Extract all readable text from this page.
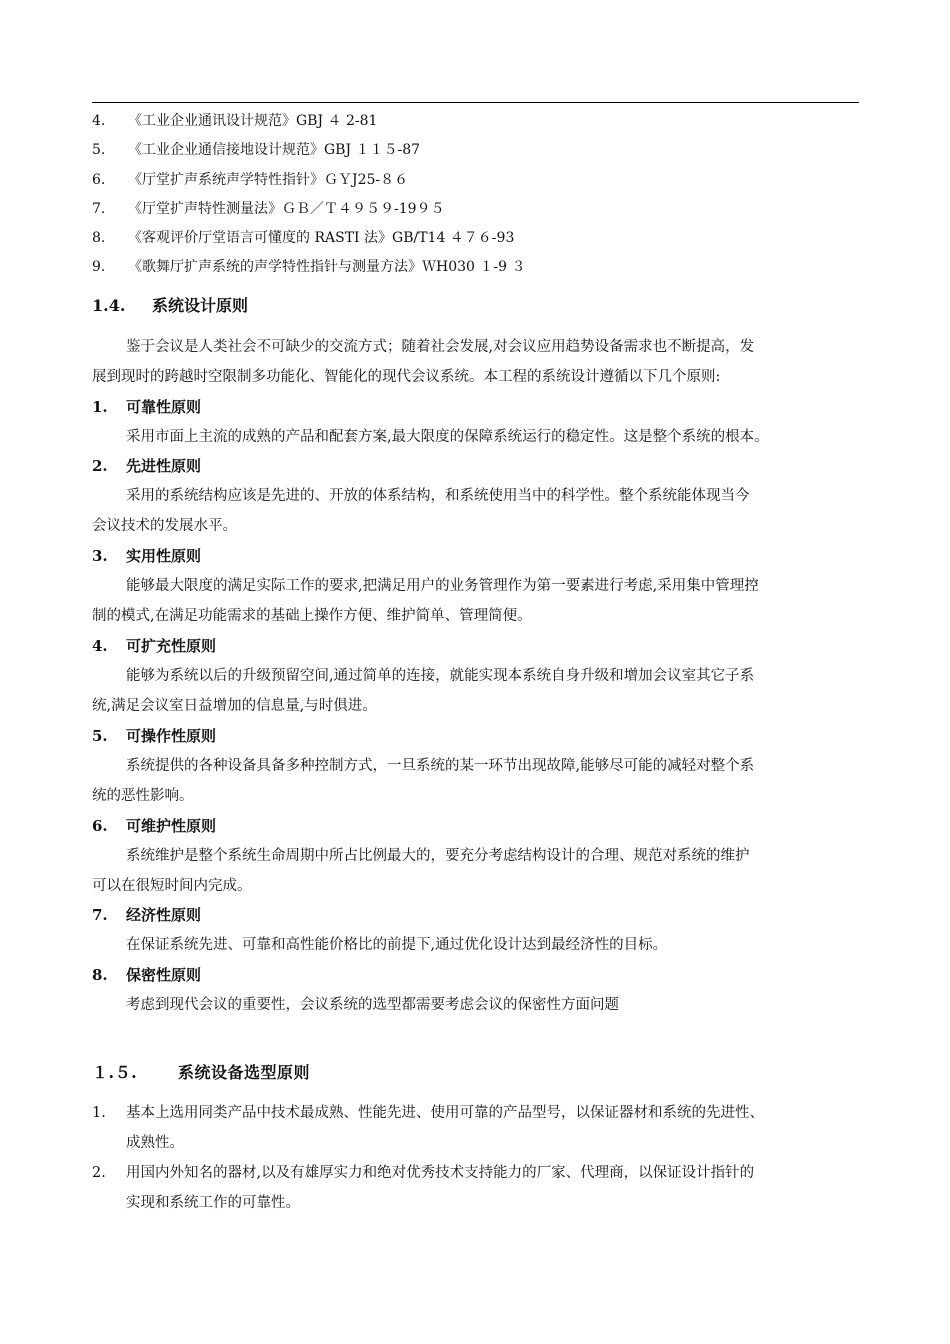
4. 《工业企业通讯设计规范》GBJ ４ 2-81
5. 《工业企业通信接地设计规范》GBJ １１５-87
6. 《厅堂扩声系统声学特性指针》ＧＹJ25-８６
7. 《厅堂扩声特性测量法》ＧＢ／Ｔ４９５９-19９５
8. 《客观评价厅堂语言可懂度的 RASTI 法》GB/T14 ４７６-93
9. 《歌舞厅扩声系统的声学特性指针与测量方法》ＷH030 １-9 ３
1.4. 系统设计原则
鉴于会议是人类社会不可缺少的交流方式；随着社会发展,对会议应用趋势设备需求也不断提高，发
展到现时的跨越时空限制多功能化、智能化的现代会议系统。本工程的系统设计遵循以下几个原则:
1. 可靠性原则
采用市面上主流的成熟的产品和配套方案,最大限度的保障系统运行的稳定性。这是整个系统的根本。
2. 先进性原则
采用的系统结构应该是先进的、开放的体系结构，和系统使用当中的科学性。整个系统能体现当今
会议技术的发展水平。
3. 实用性原则
能够最大限度的满足实际工作的要求,把满足用户的业务管理作为第一要素进行考虑,采用集中管理控
制的模式,在满足功能需求的基础上操作方便、维护简单、管理简便。
4. 可扩充性原则
能够为系统以后的升级预留空间,通过简单的连接，就能实现本系统自身升级和增加会议室其它子系
统,满足会议室日益增加的信息量,与时俱进。
5. 可操作性原则
系统提供的各种设备具备多种控制方式，一旦系统的某一环节出现故障,能够尽可能的减轻对整个系
统的恶性影响。
6. 可维护性原则
系统维护是整个系统生命周期中所占比例最大的，要充分考虑结构设计的合理、规范对系统的维护
可以在很短时间内完成。
7. 经济性原则
在保证系统先进、可靠和高性能价格比的前提下,通过优化设计达到最经济性的目标。
8. 保密性原则
考虑到现代会议的重要性，会议系统的选型都需要考虑会议的保密性方面问题
１.５.	系统设备选型原则
1. 基本上选用同类产品中技术最成熟、性能先进、使用可靠的产品型号，以保证器材和系统的先进性、
成熟性。
2. 用国内外知名的器材,以及有雄厚实力和绝对优秀技术支持能力的厂家、代理商，以保证设计指针的
实现和系统工作的可靠性。
